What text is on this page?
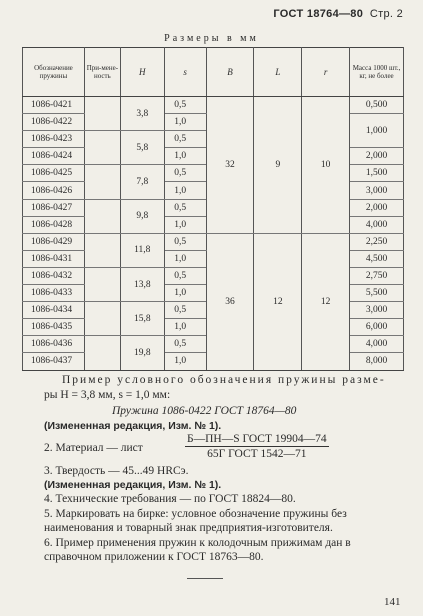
ГОСТ 18764—80 Стр. 2
Размеры в мм
Обозначение пружины	При-мене-ность	H	s	B	L	r	Масса 1000 шт., кг, не более
1086-0421		3,8	0,5	32	9	10	0,500
1086-0422			1,0				1,000
1086-0423		5,8	0,5				
1086-0424			1,0				2,000
1086-0425		7,8	0,5				1,500
1086-0426			1,0				3,000
1086-0427		9,8	0,5				2,000
1086-0428			1,0				4,000
1086-0429		11,8	0,5	36	12	12	2,250
1086-0431			1,0				4,500
1086-0432		13,8	0,5				2,750
1086-0433			1,0				5,500
1086-0434		15,8	0,5				3,000
1086-0435			1,0				6,000
1086-0436		19,8	0,5				4,000
1086-0437			1,0				8,000
Пример условного обозначения пружины разме-
ры H = 3,8 мм, s = 1,0 мм:
Пружина 1086-0422 ГОСТ 18764—80
(Измененная редакция, Изм. № 1).
2. Материал — лист
Б—ПН—S ГОСТ 19904—74
65Г ГОСТ 1542—71
3. Твердость — 45...49 HRCэ.
(Измененная редакция, Изм. № 1).
4. Технические требования — по ГОСТ 18824—80.
5. Маркировать на бирке: условное обозначение пружины без
наименования и товарный знак предприятия-изготовителя.
6. Пример применения пружин к колодочным прижимам дан в
справочном приложении к ГОСТ 18763—80.
141
